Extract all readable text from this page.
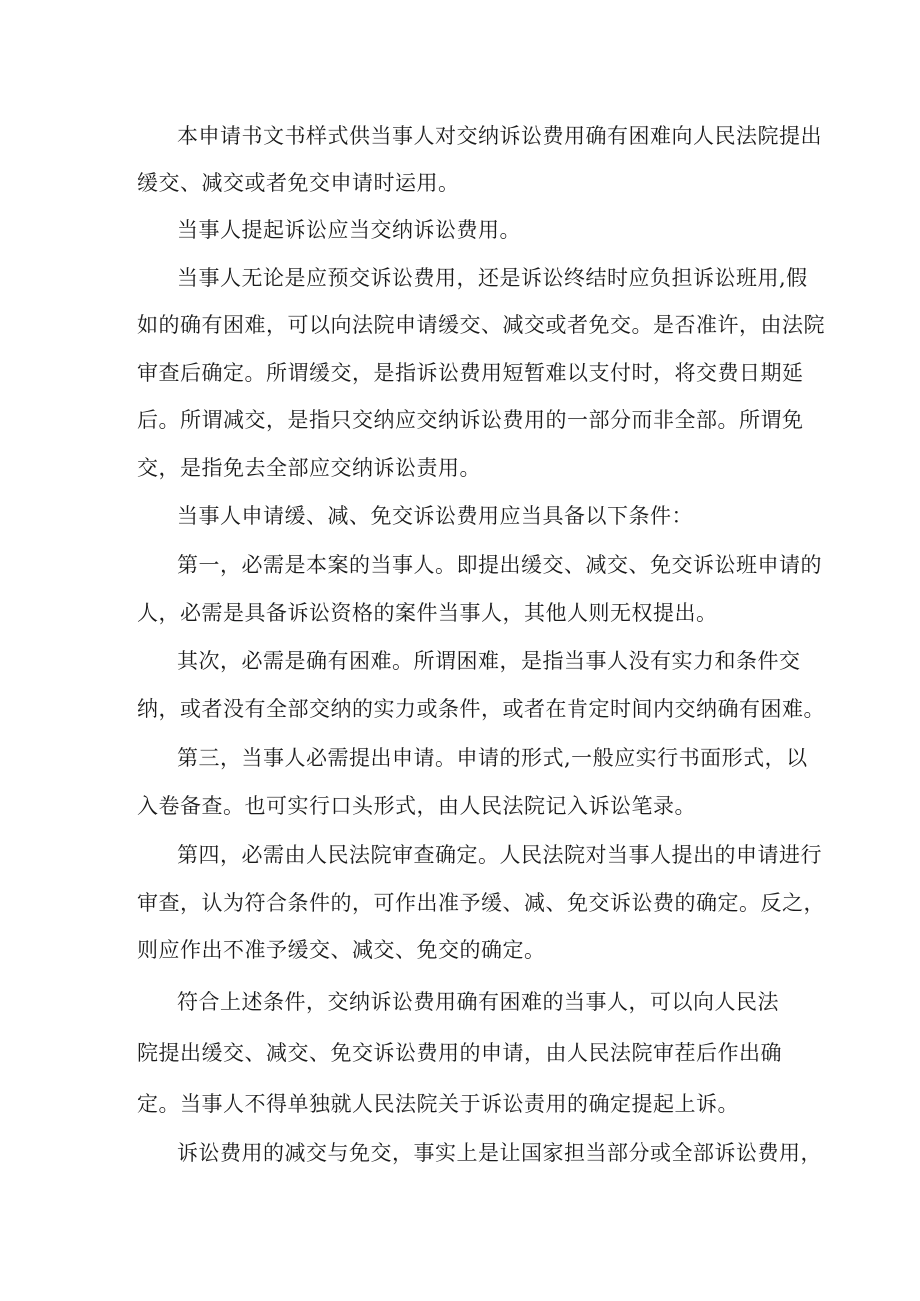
本申请书文书样式供当事人对交纳诉讼费用确有困难向人民法院提出
缓交、减交或者免交申请时运用。
当事人提起诉讼应当交纳诉讼费用。
当事人无论是应预交诉讼费用，还是诉讼终结时应负担诉讼班用,假
如的确有困难，可以向法院申请缓交、减交或者免交。是否准许，由法院
审查后确定。所谓缓交，是指诉讼费用短暂难以支付时，将交费日期延
后。所谓减交，是指只交纳应交纳诉讼费用的一部分而非全部。所谓免
交，是指免去全部应交纳诉讼责用。
当事人申请缓、减、免交诉讼费用应当具备以下条件：
第一，必需是本案的当事人。即提出缓交、减交、免交诉讼班申请的
人，必需是具备诉讼资格的案件当事人，其他人则无权提出。
其次，必需是确有困难。所谓困难，是指当事人没有实力和条件交
纳，或者没有全部交纳的实力或条件，或者在肯定时间内交纳确有困难。
第三，当事人必需提出申请。申请的形式,一般应实行书面形式，以
入卷备查。也可实行口头形式，由人民法院记入诉讼笔录。
第四，必需由人民法院审查确定。人民法院对当事人提出的申请进行
审查，认为符合条件的，可作出准予缓、减、免交诉讼费的确定。反之，
则应作出不准予缓交、减交、免交的确定。
符合上述条件，交纳诉讼费用确有困难的当事人，可以向人民法
院提出缓交、减交、免交诉讼费用的申请，由人民法院审茬后作出确
定。当事人不得单独就人民法院关于诉讼责用的确定提起上诉。
诉讼费用的减交与免交，事实上是让国家担当部分或全部诉讼费用，
